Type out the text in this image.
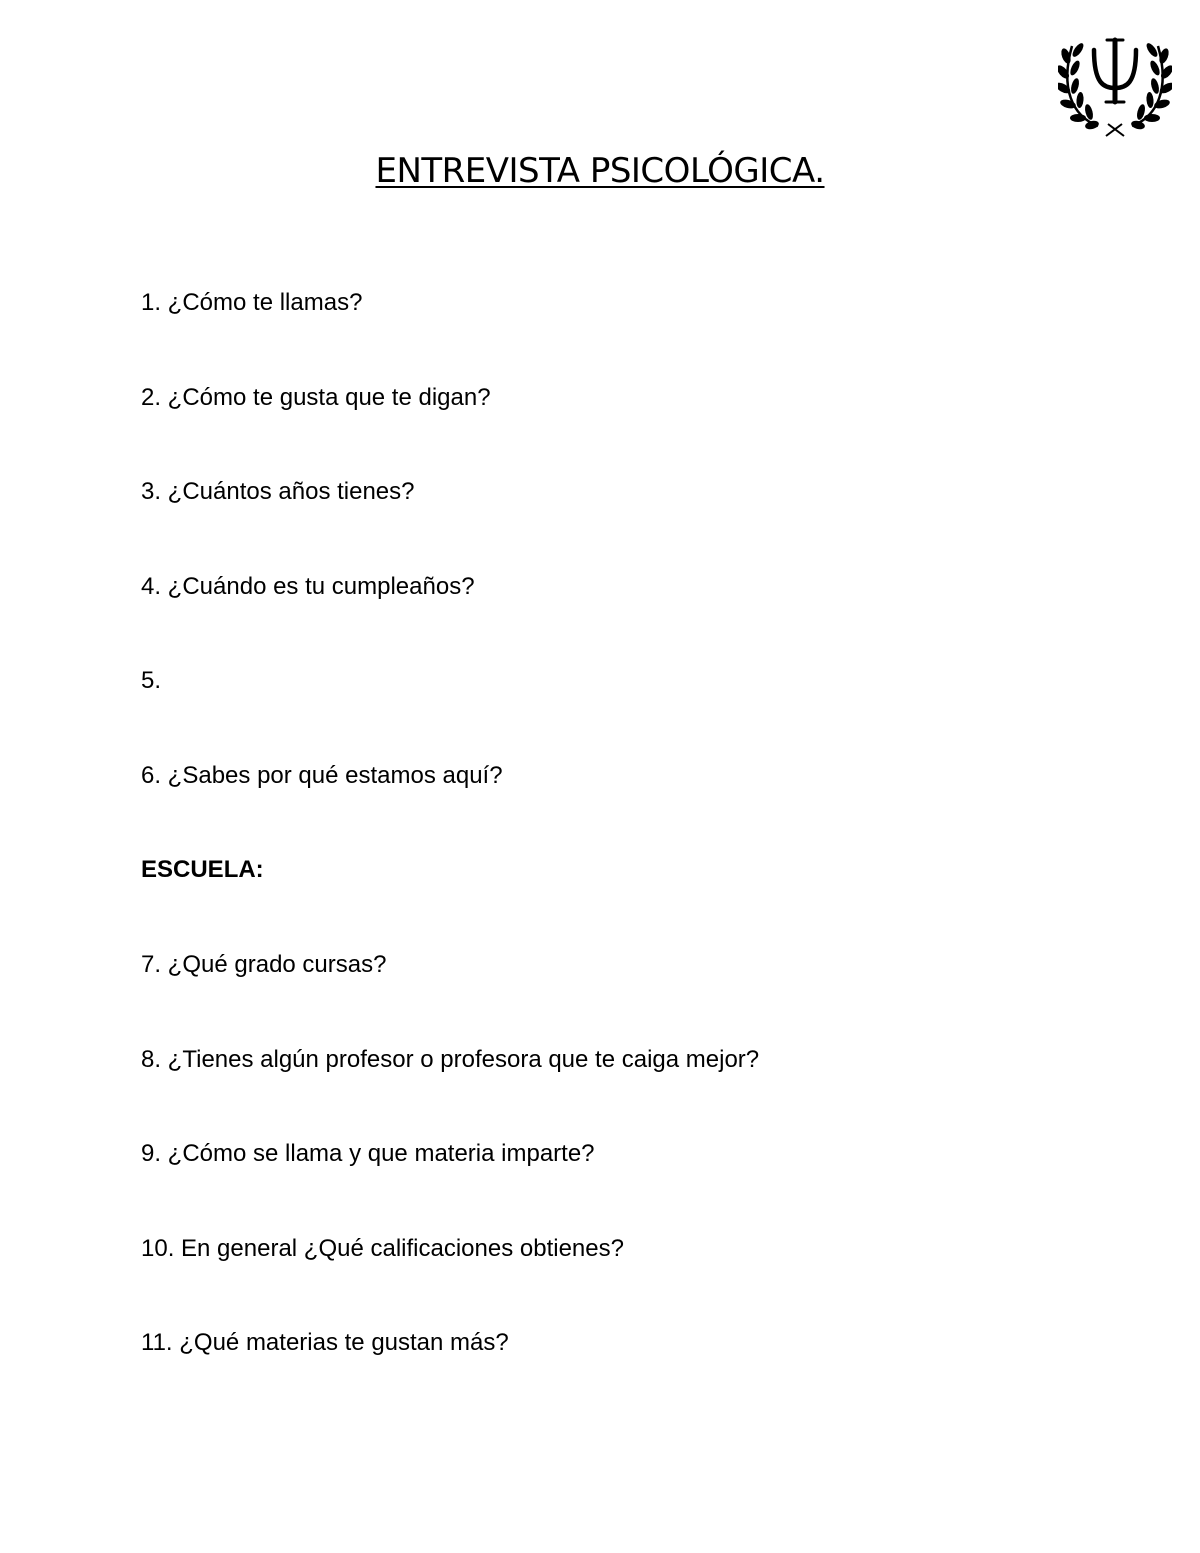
ENTREVISTA PSICOLÓGICA.
1. ¿Cómo te llamas?
2. ¿Cómo te gusta que te digan?
3. ¿Cuántos años tienes?
4. ¿Cuándo es tu cumpleaños?
5.
6. ¿Sabes por qué estamos aquí?
ESCUELA:
7. ¿Qué grado cursas?
8. ¿Tienes algún profesor o profesora que te caiga mejor?
9. ¿Cómo se llama y que materia imparte?
10. En general ¿Qué calificaciones obtienes?
11. ¿Qué materias te gustan más?
